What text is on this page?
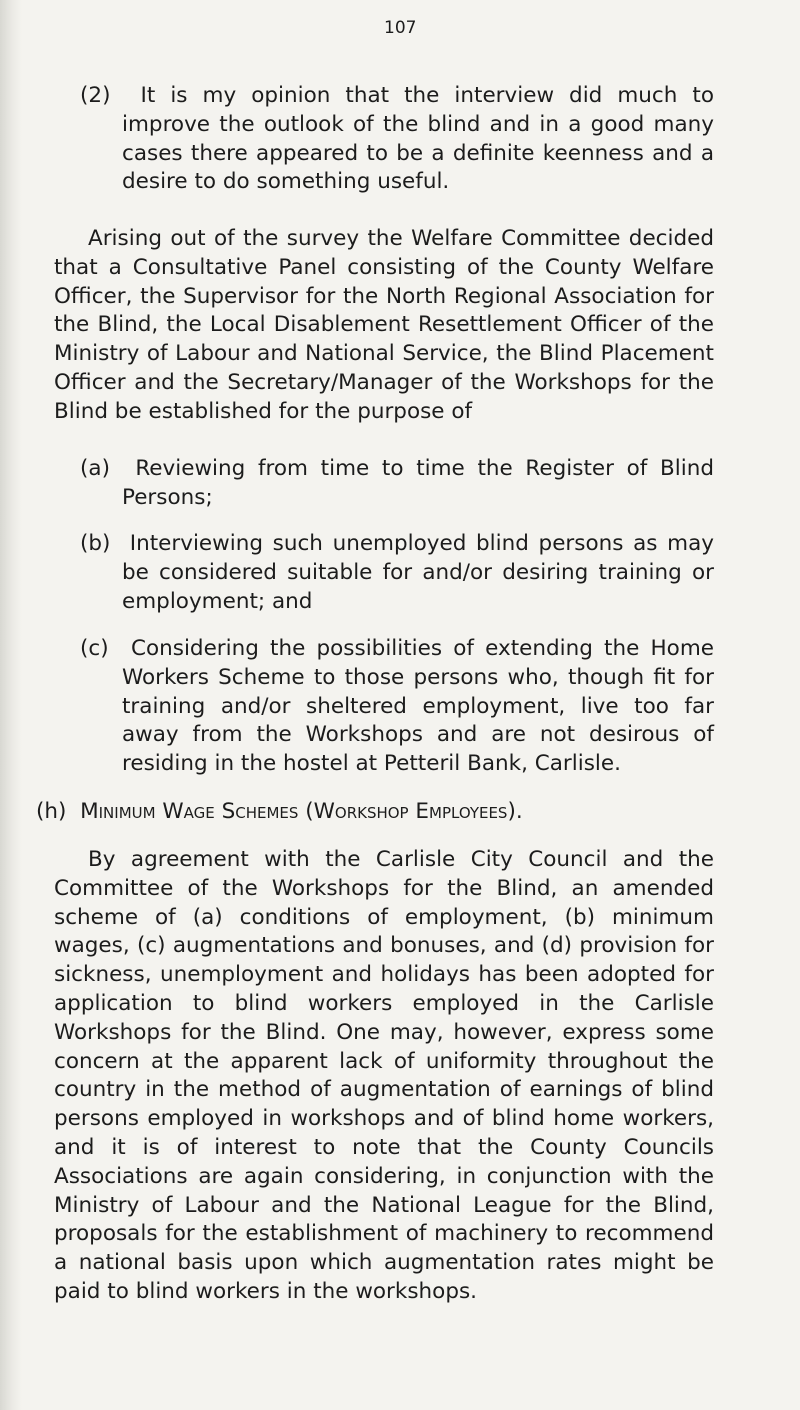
107

(2) It is my opinion that the interview did much to improve the outlook of the blind and in a good many cases there appeared to be a definite keenness and a desire to do something useful.

Arising out of the survey the Welfare Committee decided that a Consultative Panel consisting of the County Welfare Officer, the Supervisor for the North Regional Association for the Blind, the Local Disablement Resettlement Officer of the Ministry of Labour and National Service, the Blind Placement Officer and the Secretary/Manager of the Workshops for the Blind be established for the purpose of

(a) Reviewing from time to time the Register of Blind Persons;

(b) Interviewing such unemployed blind persons as may be considered suitable for and/or desiring training or employment; and

(c) Considering the possibilities of extending the Home Workers Scheme to those persons who, though fit for training and/or sheltered employment, live too far away from the Workshops and are not desirous of residing in the hostel at Petteril Bank, Carlisle.

(h) Minimum Wage Schemes (Workshop Employees).

By agreement with the Carlisle City Council and the Committee of the Workshops for the Blind, an amended scheme of (a) conditions of employment, (b) minimum wages, (c) augmentations and bonuses, and (d) provision for sickness, unemployment and holidays has been adopted for application to blind workers employed in the Carlisle Workshops for the Blind. One may, however, express some concern at the apparent lack of uniformity throughout the country in the method of augmentation of earnings of blind persons employed in workshops and of blind home workers, and it is of interest to note that the County Councils Associations are again considering, in conjunction with the Ministry of Labour and the National League for the Blind, proposals for the establishment of machinery to recommend a national basis upon which augmentation rates might be paid to blind workers in the workshops.
